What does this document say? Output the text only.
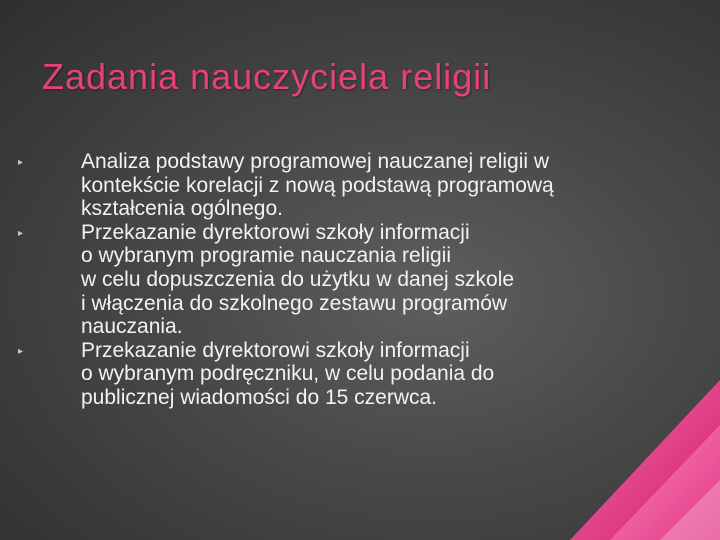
Zadania nauczyciela religii
▸	Analiza podstawy programowej nauczanej religii w
kontekście korelacji z nową podstawą programową
kształcenia ogólnego.
▸	Przekazanie dyrektorowi szkoły informacji
o wybranym programie nauczania religii
w celu dopuszczenia do użytku w danej szkole
i włączenia do szkolnego zestawu programów
nauczania.
▸	Przekazanie dyrektorowi szkoły informacji
o wybranym podręczniku, w celu podania do
publicznej wiadomości do 15 czerwca.
